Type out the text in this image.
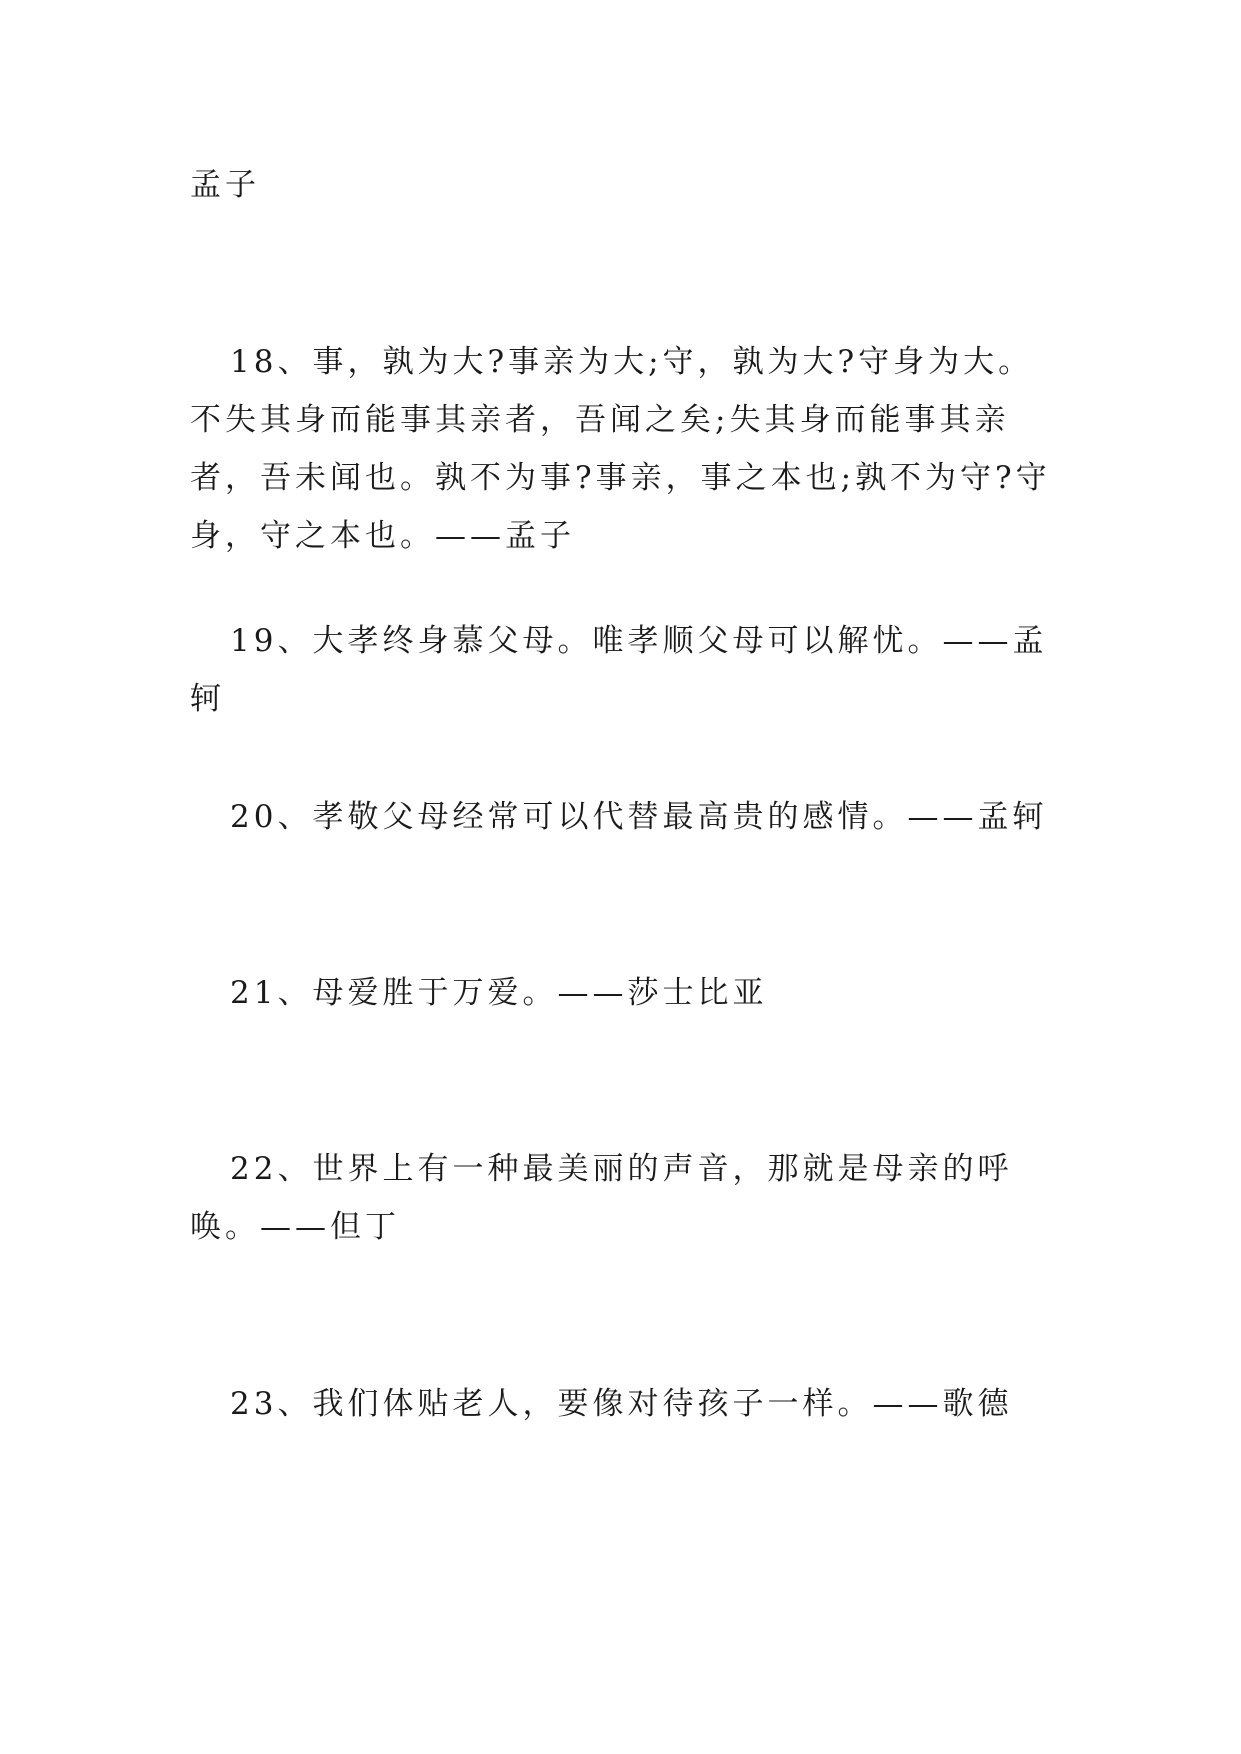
孟子

18、事，孰为大?事亲为大;守，孰为大?守身为大。不失其身而能事其亲者，吾闻之矣;失其身而能事其亲者，吾未闻也。孰不为事?事亲，事之本也;孰不为守?守身，守之本也。——孟子

19、大孝终身慕父母。唯孝顺父母可以解忧。——孟轲

20、孝敬父母经常可以代替最高贵的感情。——孟轲

21、母爱胜于万爱。——莎士比亚

22、世界上有一种最美丽的声音，那就是母亲的呼唤。——但丁

23、我们体贴老人，要像对待孩子一样。——歌德
